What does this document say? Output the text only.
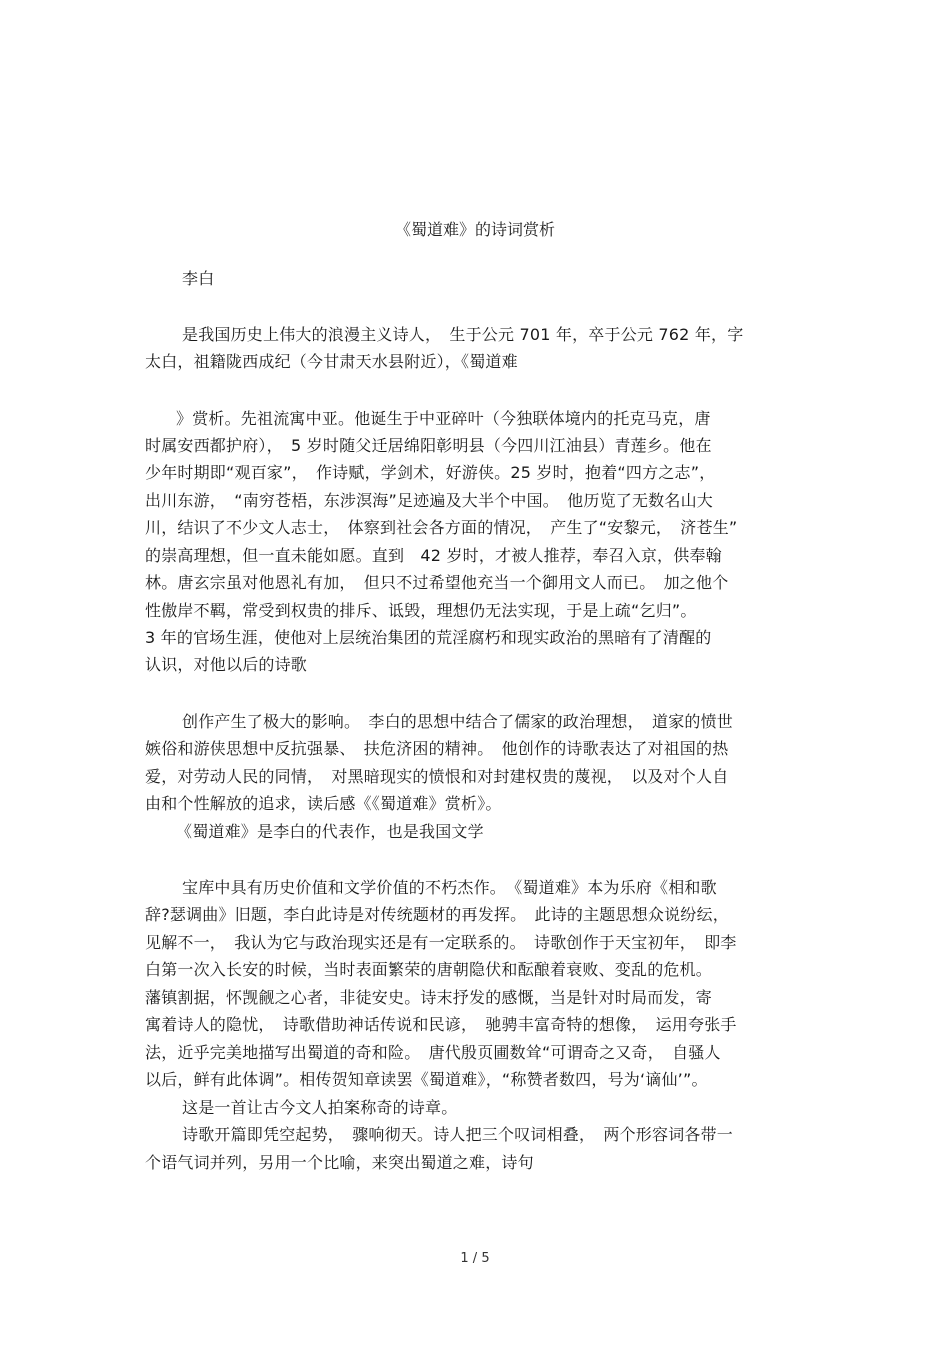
《蜀道难》的诗词赏析
李白
是我国历史上伟大的浪漫主义诗人，　生于公元 701 年，卒于公元 762 年，字
太白，祖籍陇西成纪（今甘肃天水县附近），《蜀道难
》赏析。先祖流寓中亚。他诞生于中亚碎叶（今独联体境内的托克马克，唐
时属安西都护府），　5 岁时随父迁居绵阳彰明县（今四川江油县）青莲乡。他在
少年时期即“观百家”，　作诗赋，学剑术，好游侠。25 岁时，抱着“四方之志”，
出川东游，　“南穷苍梧，东涉溟海”足迹遍及大半个中国。　他历览了无数名山大
川，结识了不少文人志士，　体察到社会各方面的情况，　产生了“安黎元，　济苍生”
的崇高理想，但一直未能如愿。直到　42 岁时，才被人推荐，奉召入京，供奉翰
林。唐玄宗虽对他恩礼有加，　但只不过希望他充当一个御用文人而已。　加之他个
性傲岸不羁，常受到权贵的排斥、诋毁，理想仍无法实现，于是上疏“乞归”。
3 年的官场生涯，使他对上层统治集团的荒淫腐朽和现实政治的黑暗有了清醒的
认识，对他以后的诗歌
创作产生了极大的影响。　李白的思想中结合了儒家的政治理想，　道家的愤世
嫉俗和游侠思想中反抗强暴、　扶危济困的精神。　他创作的诗歌表达了对祖国的热
爱，对劳动人民的同情，　对黑暗现实的愤恨和对封建权贵的蔑视，　以及对个人自
由和个性解放的追求，读后感《《蜀道难》赏析》。
《蜀道难》是李白的代表作，也是我国文学
宝库中具有历史价值和文学价值的不朽杰作。　《蜀道难》本为乐府《相和歌
辞?瑟调曲》旧题，李白此诗是对传统题材的再发挥。　此诗的主题思想众说纷纭，
见解不一，　我认为它与政治现实还是有一定联系的。　诗歌创作于天宝初年，　即李
白第一次入长安的时候，当时表面繁荣的唐朝隐伏和酝酿着衰败、变乱的危机。
藩镇割据，怀觊觎之心者，非徒安史。诗末抒发的感慨，当是针对时局而发，寄
寓着诗人的隐忧，　诗歌借助神话传说和民谚，　驰骋丰富奇特的想像，　运用夸张手
法，近乎完美地描写出蜀道的奇和险。　唐代殷页圃数耸“可谓奇之又奇，　自骚人
以后，鲜有此体调”。相传贺知章读罢《蜀道难》，“称赞者数四，号为‘谪仙’”。
这是一首让古今文人拍案称奇的诗章。
诗歌开篇即凭空起势，　骤响彻天。诗人把三个叹词相叠，　两个形容词各带一
个语气词并列，另用一个比喻，来突出蜀道之难，诗句
1 / 5
